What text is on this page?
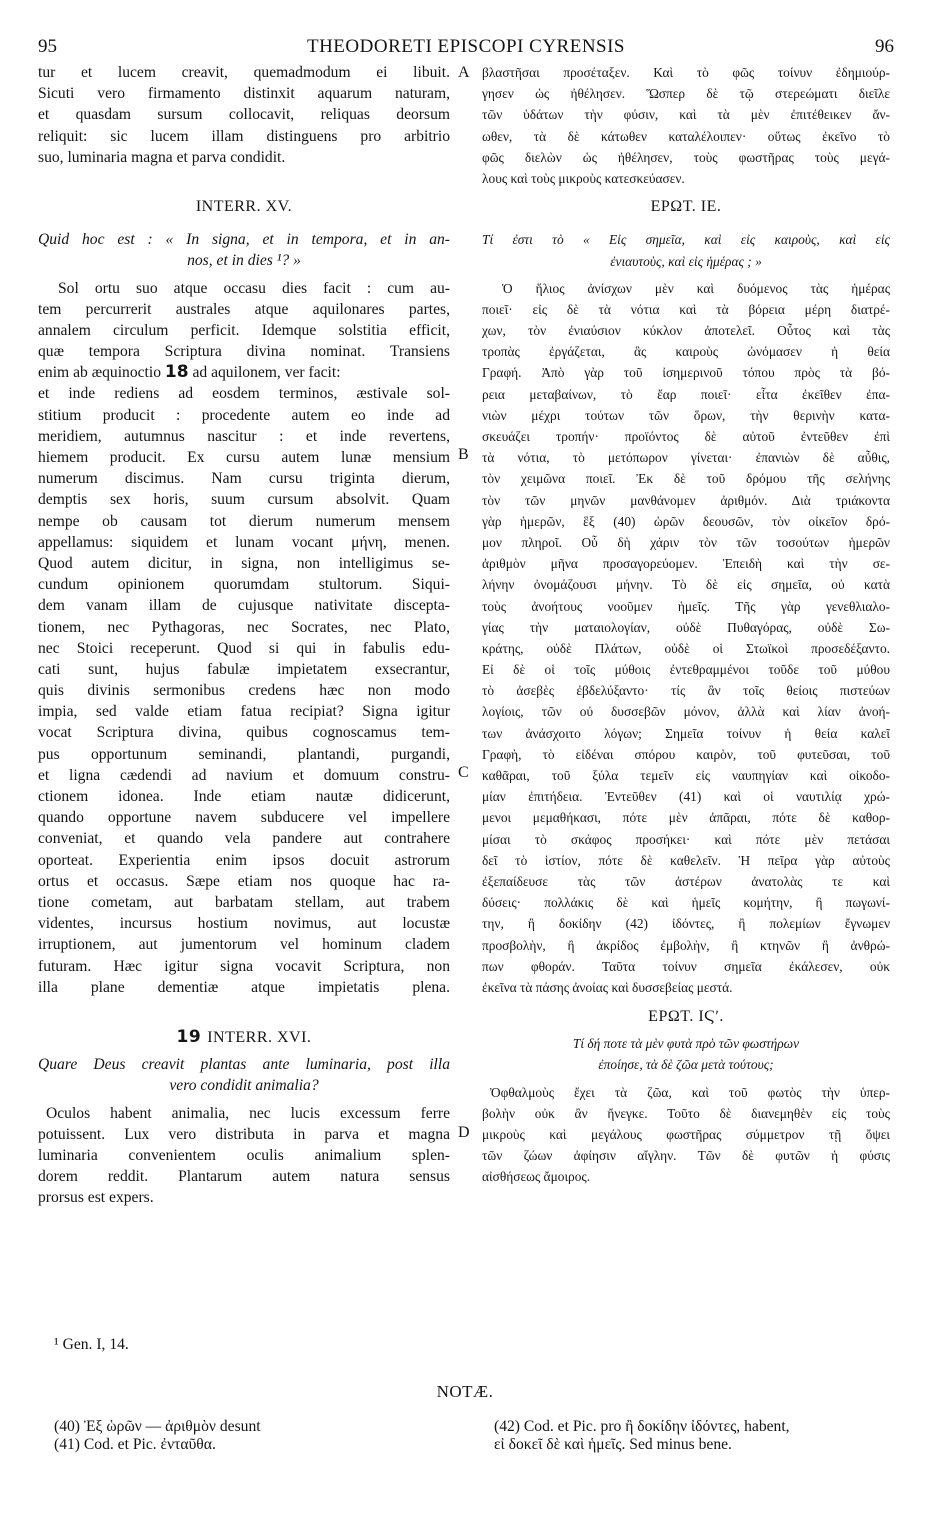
95	THEODORETI EPISCOPI CYRENSIS	96
A
B
C
D
tur et lucem creavit, quemadmodum ei libuit.
Sicuti vero firmamento distinxit aquarum naturam,
et quasdam sursum collocavit, reliquas deorsum
reliquit: sic lucem illam distinguens pro arbitrio
suo, luminaria magna et parva condidit.
INTERR. XV.
Quid hoc est : « In signa, et in tempora, et in an-
nos, et in dies ¹? »
Sol ortu suo atque occasu dies facit : cum au-
tem percurrerit australes atque aquilonares partes,
annalem circulum perficit. Idemque solstitia efficit,
quæ tempora Scriptura divina nominat. Transiens
enim ab æquinoctio 18 ad aquilonem, ver facit:
et inde rediens ad eosdem terminos, æstivale sol-
stitium producit : procedente autem eo inde ad
meridiem, autumnus nascitur : et inde revertens,
hiemem producit. Ex cursu autem lunæ mensium
numerum discimus. Nam cursu triginta dierum,
demptis sex horis, suum cursum absolvit. Quam
nempe ob causam tot dierum numerum mensem
appellamus: siquidem et lunam vocant μήνη, menen.
Quod autem dicitur, in signa, non intelligimus se-
cundum opinionem quorumdam stultorum. Siqui-
dem vanam illam de cujusque nativitate discepta-
tionem, nec Pythagoras, nec Socrates, nec Plato,
nec Stoici receperunt. Quod si qui in fabulis edu-
cati sunt, hujus fabulæ impietatem exsecrantur,
quis divinis sermonibus credens hæc non modo
impia, sed valde etiam fatua recipiat? Signa igitur
vocat Scriptura divina, quibus cognoscamus tem-
pus opportunum seminandi, plantandi, purgandi,
et ligna cædendi ad navium et domuum constru-
ctionem idonea. Inde etiam nautæ didicerunt,
quando opportune navem subducere vel impellere
conveniat, et quando vela pandere aut contrahere
oporteat. Experientia enim ipsos docuit astrorum
ortus et occasus. Sæpe etiam nos quoque hac ra-
tione cometam, aut barbatam stellam, aut trabem
videntes, incursus hostium novimus, aut locustæ
irruptionem, aut jumentorum vel hominum cladem
futuram. Hæc igitur signa vocavit Scriptura, non
illa plane dementiæ atque impietatis plena.
19 INTERR. XVI.
Quare Deus creavit plantas ante luminaria, post illa
vero condidit animalia?
Oculos habent animalia, nec lucis excessum ferre
potuissent. Lux vero distributa in parva et magna
luminaria convenientem oculis animalium splen-
dorem reddit. Plantarum autem natura sensus
prorsus est expers.
βλαστῆσαι προσέταξεν. Καὶ τὸ φῶς τοίνυν ἐδημιούρ-
γησεν ὡς ἠθέλησεν. Ὥσπερ δὲ τῷ στερεώματι διεῖλε
τῶν ὑδάτων τὴν φύσιν, καὶ τὰ μὲν ἐπιτέθεικεν ἄν-
ωθεν, τὰ δὲ κάτωθεν καταλέλοιπεν· οὕτως ἐκεῖνο τὸ
φῶς διελὼν ὡς ἠθέλησεν, τοὺς φωστῆρας τοὺς μεγά-
λους καὶ τοὺς μικροὺς κατεσκεύασεν.
ΕΡΩΤ. ΙΕ.
Τί ἐστι τὸ « Εἰς σημεῖα, καὶ εἰς καιροὺς, καὶ εἰς
ἐνιαυτοὺς, καὶ εἰς ἡμέρας ; »
Ὁ ἥλιος ἀνίσχων μὲν καὶ δυόμενος τὰς ἡμέρας
ποιεῖ· εἰς δὲ τὰ νότια καὶ τὰ βόρεια μέρη διατρέ-
χων, τὸν ἐνιαύσιον κύκλον ἀποτελεῖ. Οὗτος καὶ τὰς
τροπὰς ἐργάζεται, ἃς καιροὺς ὠνόμασεν ἡ θεία
Γραφή. Ἀπὸ γὰρ τοῦ ἰσημερινοῦ τόπου πρὸς τὰ βό-
ρεια μεταβαίνων, τὸ ἔαρ ποιεῖ· εἶτα ἐκεῖθεν ἐπα-
νιὼν μέχρι τούτων τῶν ὅρων, τὴν θερινὴν κατα-
σκευάζει τροπήν· προϊόντος δὲ αὐτοῦ ἐντεῦθεν ἐπὶ
τὰ νότια, τὸ μετόπωρον γίνεται· ἐπανιὼν δὲ αὖθις,
τὸν χειμῶνα ποιεῖ. Ἐκ δὲ τοῦ δρόμου τῆς σελήνης
τὸν τῶν μηνῶν μανθάνομεν ἀριθμόν. Διὰ τριάκοντα
γὰρ ἡμερῶν, ἓξ (40) ὡρῶν δεουσῶν, τὸν οἰκεῖον δρό-
μον πληροῖ. Οὗ δὴ χάριν τὸν τῶν τοσούτων ἡμερῶν
ἀριθμὸν μῆνα προσαγορεύομεν. Ἐπειδὴ καὶ τὴν σε-
λήνην ὀνομάζουσι μήνην. Τὸ δὲ εἰς σημεῖα, οὐ κατὰ
τοὺς ἀνοήτους νοοῦμεν ἡμεῖς. Τῆς γὰρ γενεθλιαλο-
γίας τὴν ματαιολογίαν, οὐδὲ Πυθαγόρας, οὐδὲ Σω-
κράτης, οὐδὲ Πλάτων, οὐδὲ οἱ Στωϊκοὶ προσεδέξαντο.
Εἰ δὲ οἱ τοῖς μύθοις ἐντεθραμμένοι τοῦδε τοῦ μύθου
τὸ ἀσεβὲς ἐβδελύξαντο· τίς ἂν τοῖς θείοις πιστεύων
λογίοις, τῶν οὐ δυσσεβῶν μόνον, ἀλλὰ καὶ λίαν ἀνοή-
των ἀνάσχοιτο λόγων; Σημεῖα τοίνυν ἡ θεία καλεῖ
Γραφὴ, τὸ εἰδέναι σπόρου καιρὸν, τοῦ φυτεῦσαι, τοῦ
καθᾶραι, τοῦ ξύλα τεμεῖν εἰς ναυπηγίαν καὶ οἰκοδο-
μίαν ἐπιτήδεια. Ἐντεῦθεν (41) καὶ οἱ ναυτιλίᾳ χρώ-
μενοι μεμαθήκασι, πότε μὲν ἀπᾶραι, πότε δὲ καθορ-
μίσαι τὸ σκάφος προσήκει· καὶ πότε μὲν πετάσαι
δεῖ τὸ ἱστίον, πότε δὲ καθελεῖν. Ἡ πεῖρα γὰρ αὐτοὺς
ἐξεπαίδευσε τὰς τῶν ἀστέρων ἀνατολὰς τε καὶ
δύσεις· πολλάκις δὲ καὶ ἡμεῖς κομήτην, ἢ πωγωνί-
την, ἢ δοκίδην (42) ἰδόντες, ἢ πολεμίων ἔγνωμεν
προσβολὴν, ἢ ἀκρίδος ἐμβολὴν, ἢ κτηνῶν ἢ ἀνθρώ-
πων φθοράν. Ταῦτα τοίνυν σημεῖα ἐκάλεσεν, οὐκ
ἐκεῖνα τὰ πάσης ἀνοίας καὶ δυσσεβείας μεστά.
ΕΡΩΤ. ΙϚʹ.
Τί δή ποτε τὰ μὲν φυτὰ πρὸ τῶν φωστήρων
ἐποίησε, τὰ δὲ ζῶα μετὰ τούτους;
Ὀφθαλμοὺς ἔχει τὰ ζῶα, καὶ τοῦ φωτὸς τὴν ὑπερ-
βολὴν οὐκ ἂν ἤνεγκε. Τοῦτο δὲ διανεμηθὲν εἰς τοὺς
μικροὺς καὶ μεγάλους φωστῆρας σύμμετρον τῇ ὄψει
τῶν ζώων ἀφίησιν αἴγλην. Τῶν δὲ φυτῶν ἡ φύσις
αἰσθήσεως ἄμοιρος.
¹ Gen. I, 14.
NOTÆ.
(40) Ἐξ ὡρῶν — ἀριθμὸν desunt
(41) Cod. et Pic. ἐνταῦθα.
(42) Cod. et Pic. pro ἢ δοκίδην ἰδόντες, habent,
εἰ δοκεῖ δὲ καὶ ἡμεῖς. Sed minus bene.
